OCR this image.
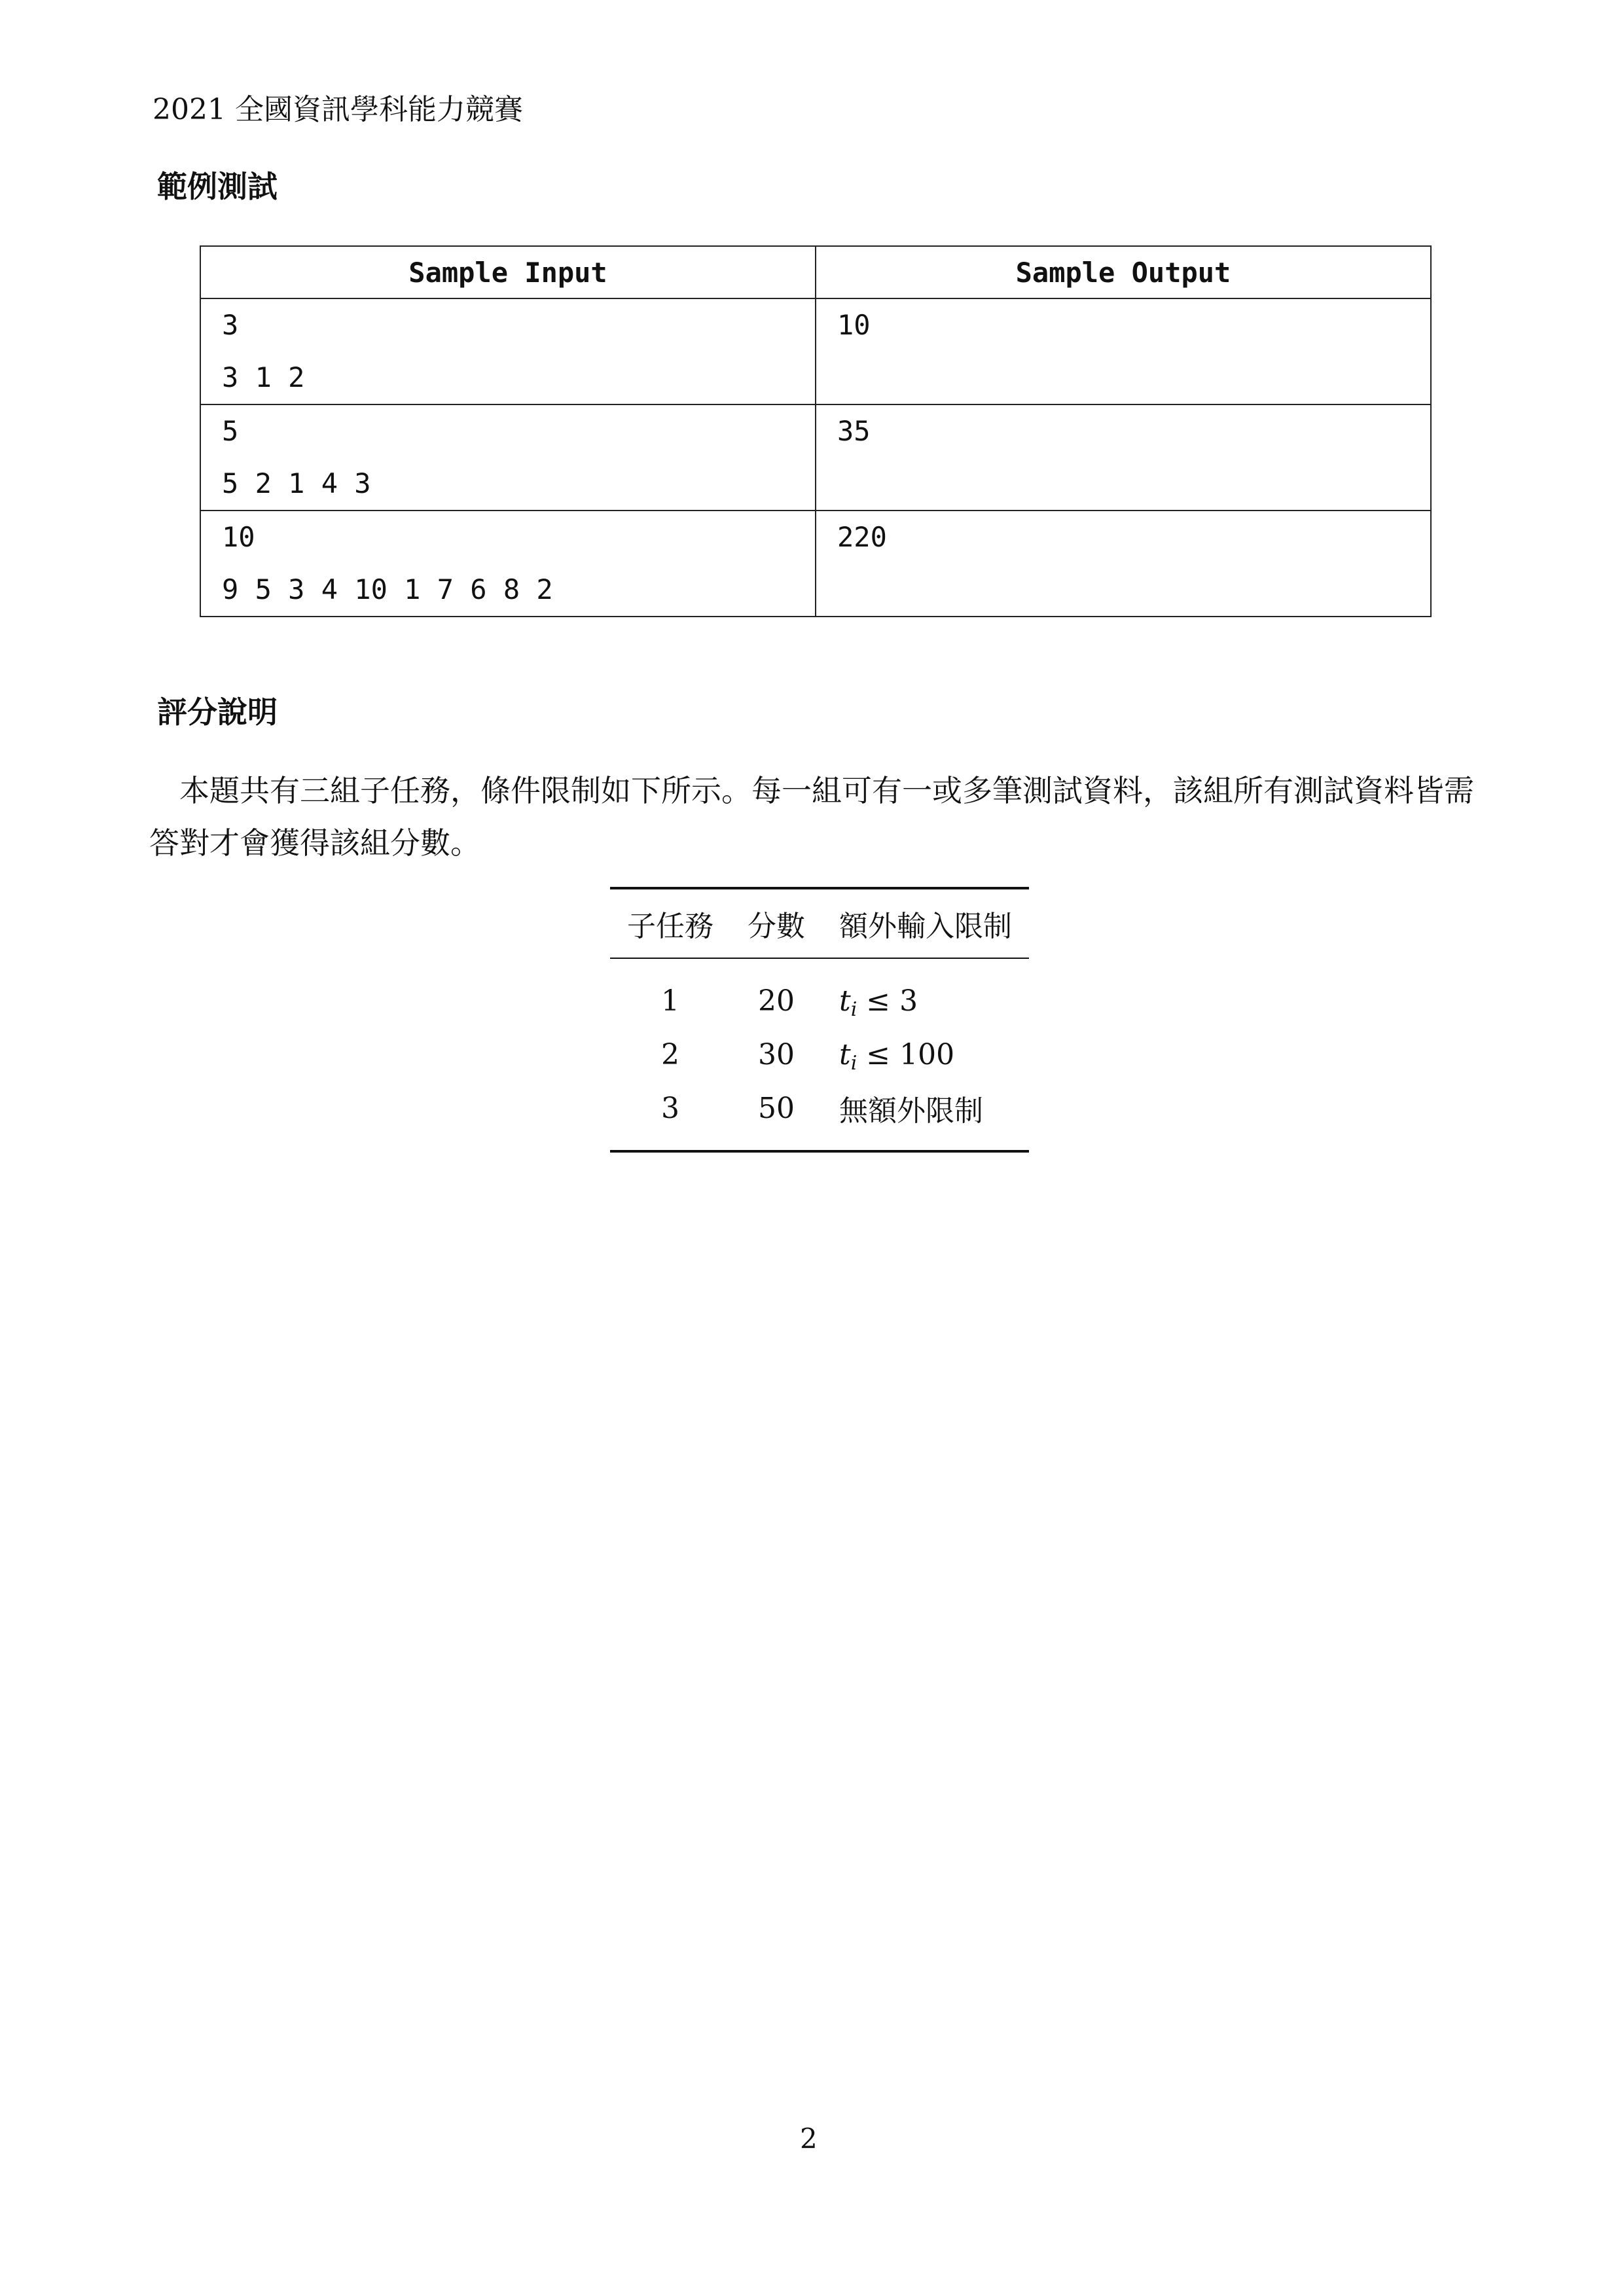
2021 全國資訊學科能力競賽
範例測試
Sample Input	Sample Output

3
3 1 2	10

5
5 2 1 4 3	35

10
9 5 3 4 10 1 7 6 8 2	220
評分說明

本題共有三組子任務，條件限制如下所示。每一組可有一或多筆測試資料，該組所有測試資料皆需答對才會獲得該組分數。

子任務	分數	額外輸入限制
1	20	ti ≤ 3
2	30	ti ≤ 100
3	50	無額外限制
2
